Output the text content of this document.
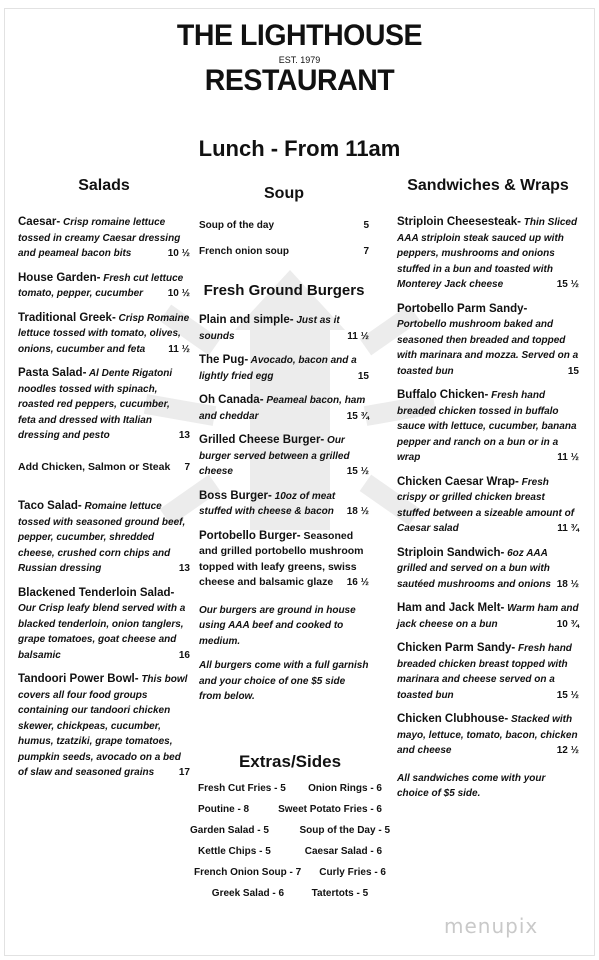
THE LIGHTHOUSE
EST. 1979
RESTAURANT
Lunch - From 11am
Salads
Caesar- Crisp romaine lettuce tossed in creamy Caesar dressing and peameal bacon bits	10 ½
House Garden- Fresh cut lettuce tomato, pepper, cucumber 10 ½
Traditional Greek- Crisp Romaine lettuce tossed with tomato, olives, onions, cucumber and feta 11 ½
Pasta Salad- Al Dente Rigatoni noodles tossed with spinach, roasted red peppers, cucumber, feta and dressed with Italian dressing and pesto	13
Add Chicken, Salmon or Steak 7
Taco Salad- Romaine lettuce tossed with seasoned ground beef, pepper, cucumber, shredded cheese, crushed corn chips and Russian dressing	13
Blackened Tenderloin Salad- Our Crisp leafy blend served with a blacked tenderloin, onion tanglers, grape tomatoes, goat cheese and balsamic	16
Tandoori Power Bowl- This bowl covers all four food groups containing our tandoori chicken skewer, chickpeas, cucumber, humus, tzatziki, grape tomatoes, pumpkin seeds, avocado on a bed of slaw and seasoned grains 17
Soup
Soup of the day	5
French onion soup	7
Fresh Ground Burgers
Plain and simple- Just as it sounds	11 ½
The Pug- Avocado, bacon and a lightly fried egg	15
Oh Canada- Peameal bacon, ham and cheddar	15 ¾
Grilled Cheese Burger- Our burger served between a grilled cheese	15 ½
Boss Burger- 10oz of meat stuffed with cheese & bacon 18 ½
Portobello Burger- Seasoned and grilled portobello mushroom topped with leafy greens, swiss cheese and balsamic glaze 16 ½
Our burgers are ground in house using AAA beef and cooked to medium.
All burgers come with a full garnish and your choice of one $5 side from below.
Extras/Sides
Fresh Cut Fries - 5 Onion Rings - 6
Poutine - 8	Sweet Potato Fries - 6
Garden Salad - 5	Soup of the Day - 5
Kettle Chips - 5	Caesar Salad - 6
French Onion Soup - 7 Curly Fries - 6
Greek Salad - 6	Tatertots - 5
Sandwiches & Wraps
Striploin Cheesesteak- Thin Sliced AAA striploin steak sauced up with peppers, mushrooms and onions stuffed in a bun and toasted with Monterey Jack cheese	15 ½
Portobello Parm Sandy- Portobello mushroom baked and seasoned then breaded and topped with marinara and mozza. Served on a toasted bun	15
Buffalo Chicken- Fresh hand breaded chicken tossed in buffalo sauce with lettuce, cucumber, banana pepper and ranch on a bun or in a wrap	11 ½
Chicken Caesar Wrap- Fresh crispy or grilled chicken breast stuffed between a sizeable amount of Caesar salad	11 ¾
Striploin Sandwich- 6oz AAA grilled and served on a bun with sautéed mushrooms and onions 18 ½
Ham and Jack Melt- Warm ham and jack cheese on a bun	10 ¾
Chicken Parm Sandy- Fresh hand breaded chicken breast topped with marinara and cheese served on a toasted bun	15 ½
Chicken Clubhouse- Stacked with mayo, lettuce, tomato, bacon, chicken and cheese	12 ½
All sandwiches come with your choice of $5 side.
menupix
